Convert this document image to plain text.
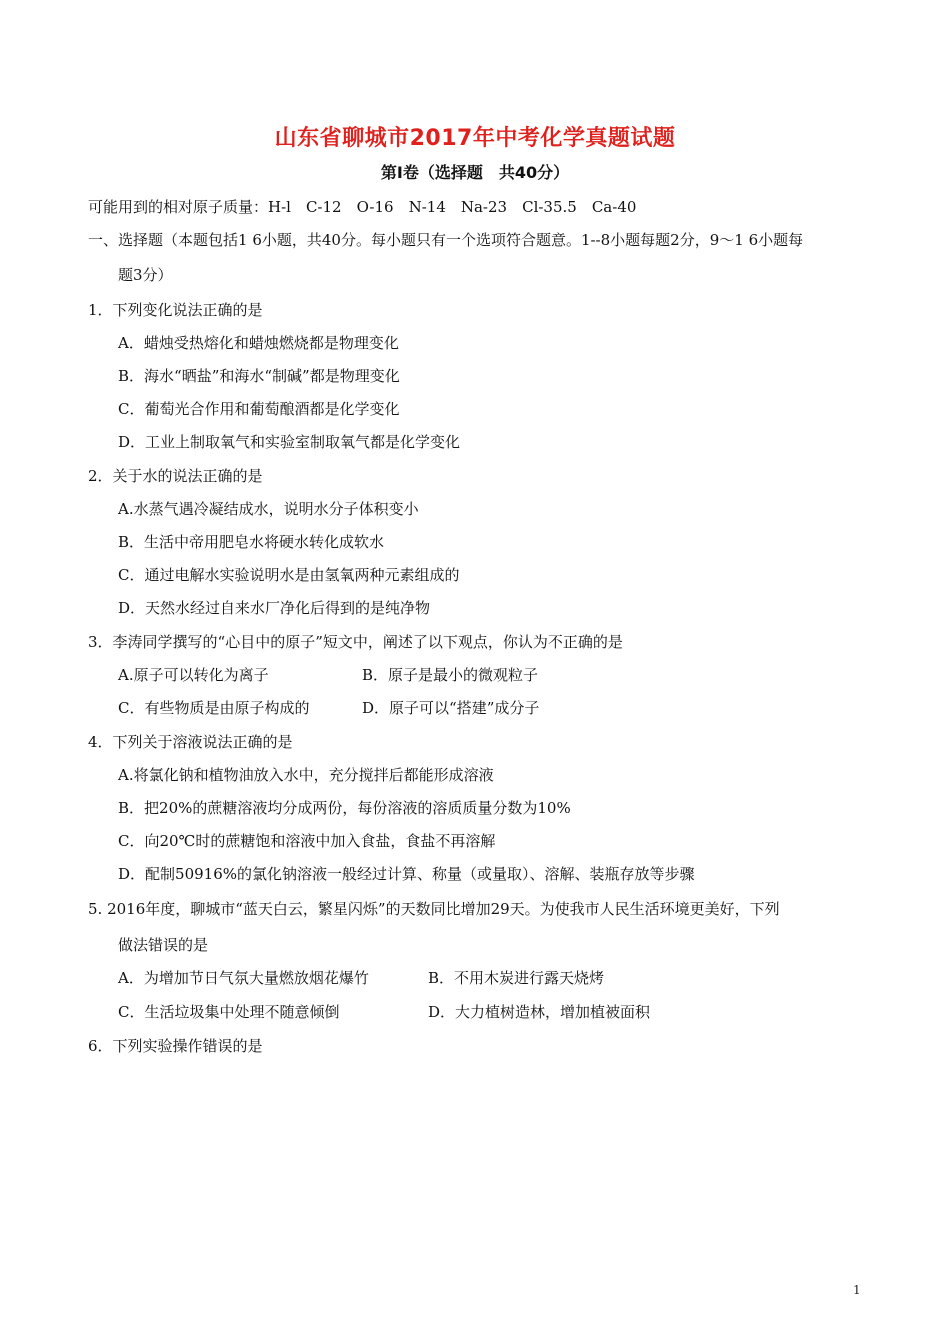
山东省聊城市2017年中考化学真题试题
第I卷（选择题　共40分）
可能用到的相对原子质量：H-l　C-12　O-16　N-14　Na-23　Cl-35.5　Ca-40
一、选择题（本题包括1 6小题，共40分。每小题只有一个选项符合题意。1--8小题每题2分，9～1 6小题每
题3分）
1．下列变化说法正确的是
A．蜡烛受热熔化和蜡烛燃烧都是物理变化
B．海水“晒盐”和海水“制碱”都是物理变化
C．葡萄光合作用和葡萄酿酒都是化学变化
D．工业上制取氧气和实验室制取氧气都是化学变化
2．关于水的说法正确的是
A.水蒸气遇冷凝结成水，说明水分子体积变小
B．生活中帝用肥皂水将硬水转化成软水
C．通过电解水实验说明水是由氢氧两种元素组成的
D．天然水经过自来水厂净化后得到的是纯净物
3．李涛同学撰写的“心目中的原子”短文中，阐述了以下观点，你认为不正确的是
A.原子可以转化为离子	B．原子是最小的微观粒子
C．有些物质是由原子构成的	D．原子可以“搭建”成分子
4．下列关于溶液说法正确的是
A.将氯化钠和植物油放入水中，充分搅拌后都能形成溶液
B．把20%的蔗糖溶液均分成两份，每份溶液的溶质质量分数为10%
C．向20℃时的蔗糖饱和溶液中加入食盐，食盐不再溶解
D．配制50916%的氯化钠溶液一般经过计算、称量（或量取）、溶解、装瓶存放等步骤
5. 2016年度，聊城市“蓝天白云，繁星闪烁”的天数同比增加29天。为使我市人民生活环境更美好，下列
做法错误的是
A．为增加节日气氛大量燃放烟花爆竹	B．不用木炭进行露天烧烤
C．生活垃圾集中处理不随意倾倒	D．大力植树造林，增加植被面积
6．下列实验操作错误的是
1
